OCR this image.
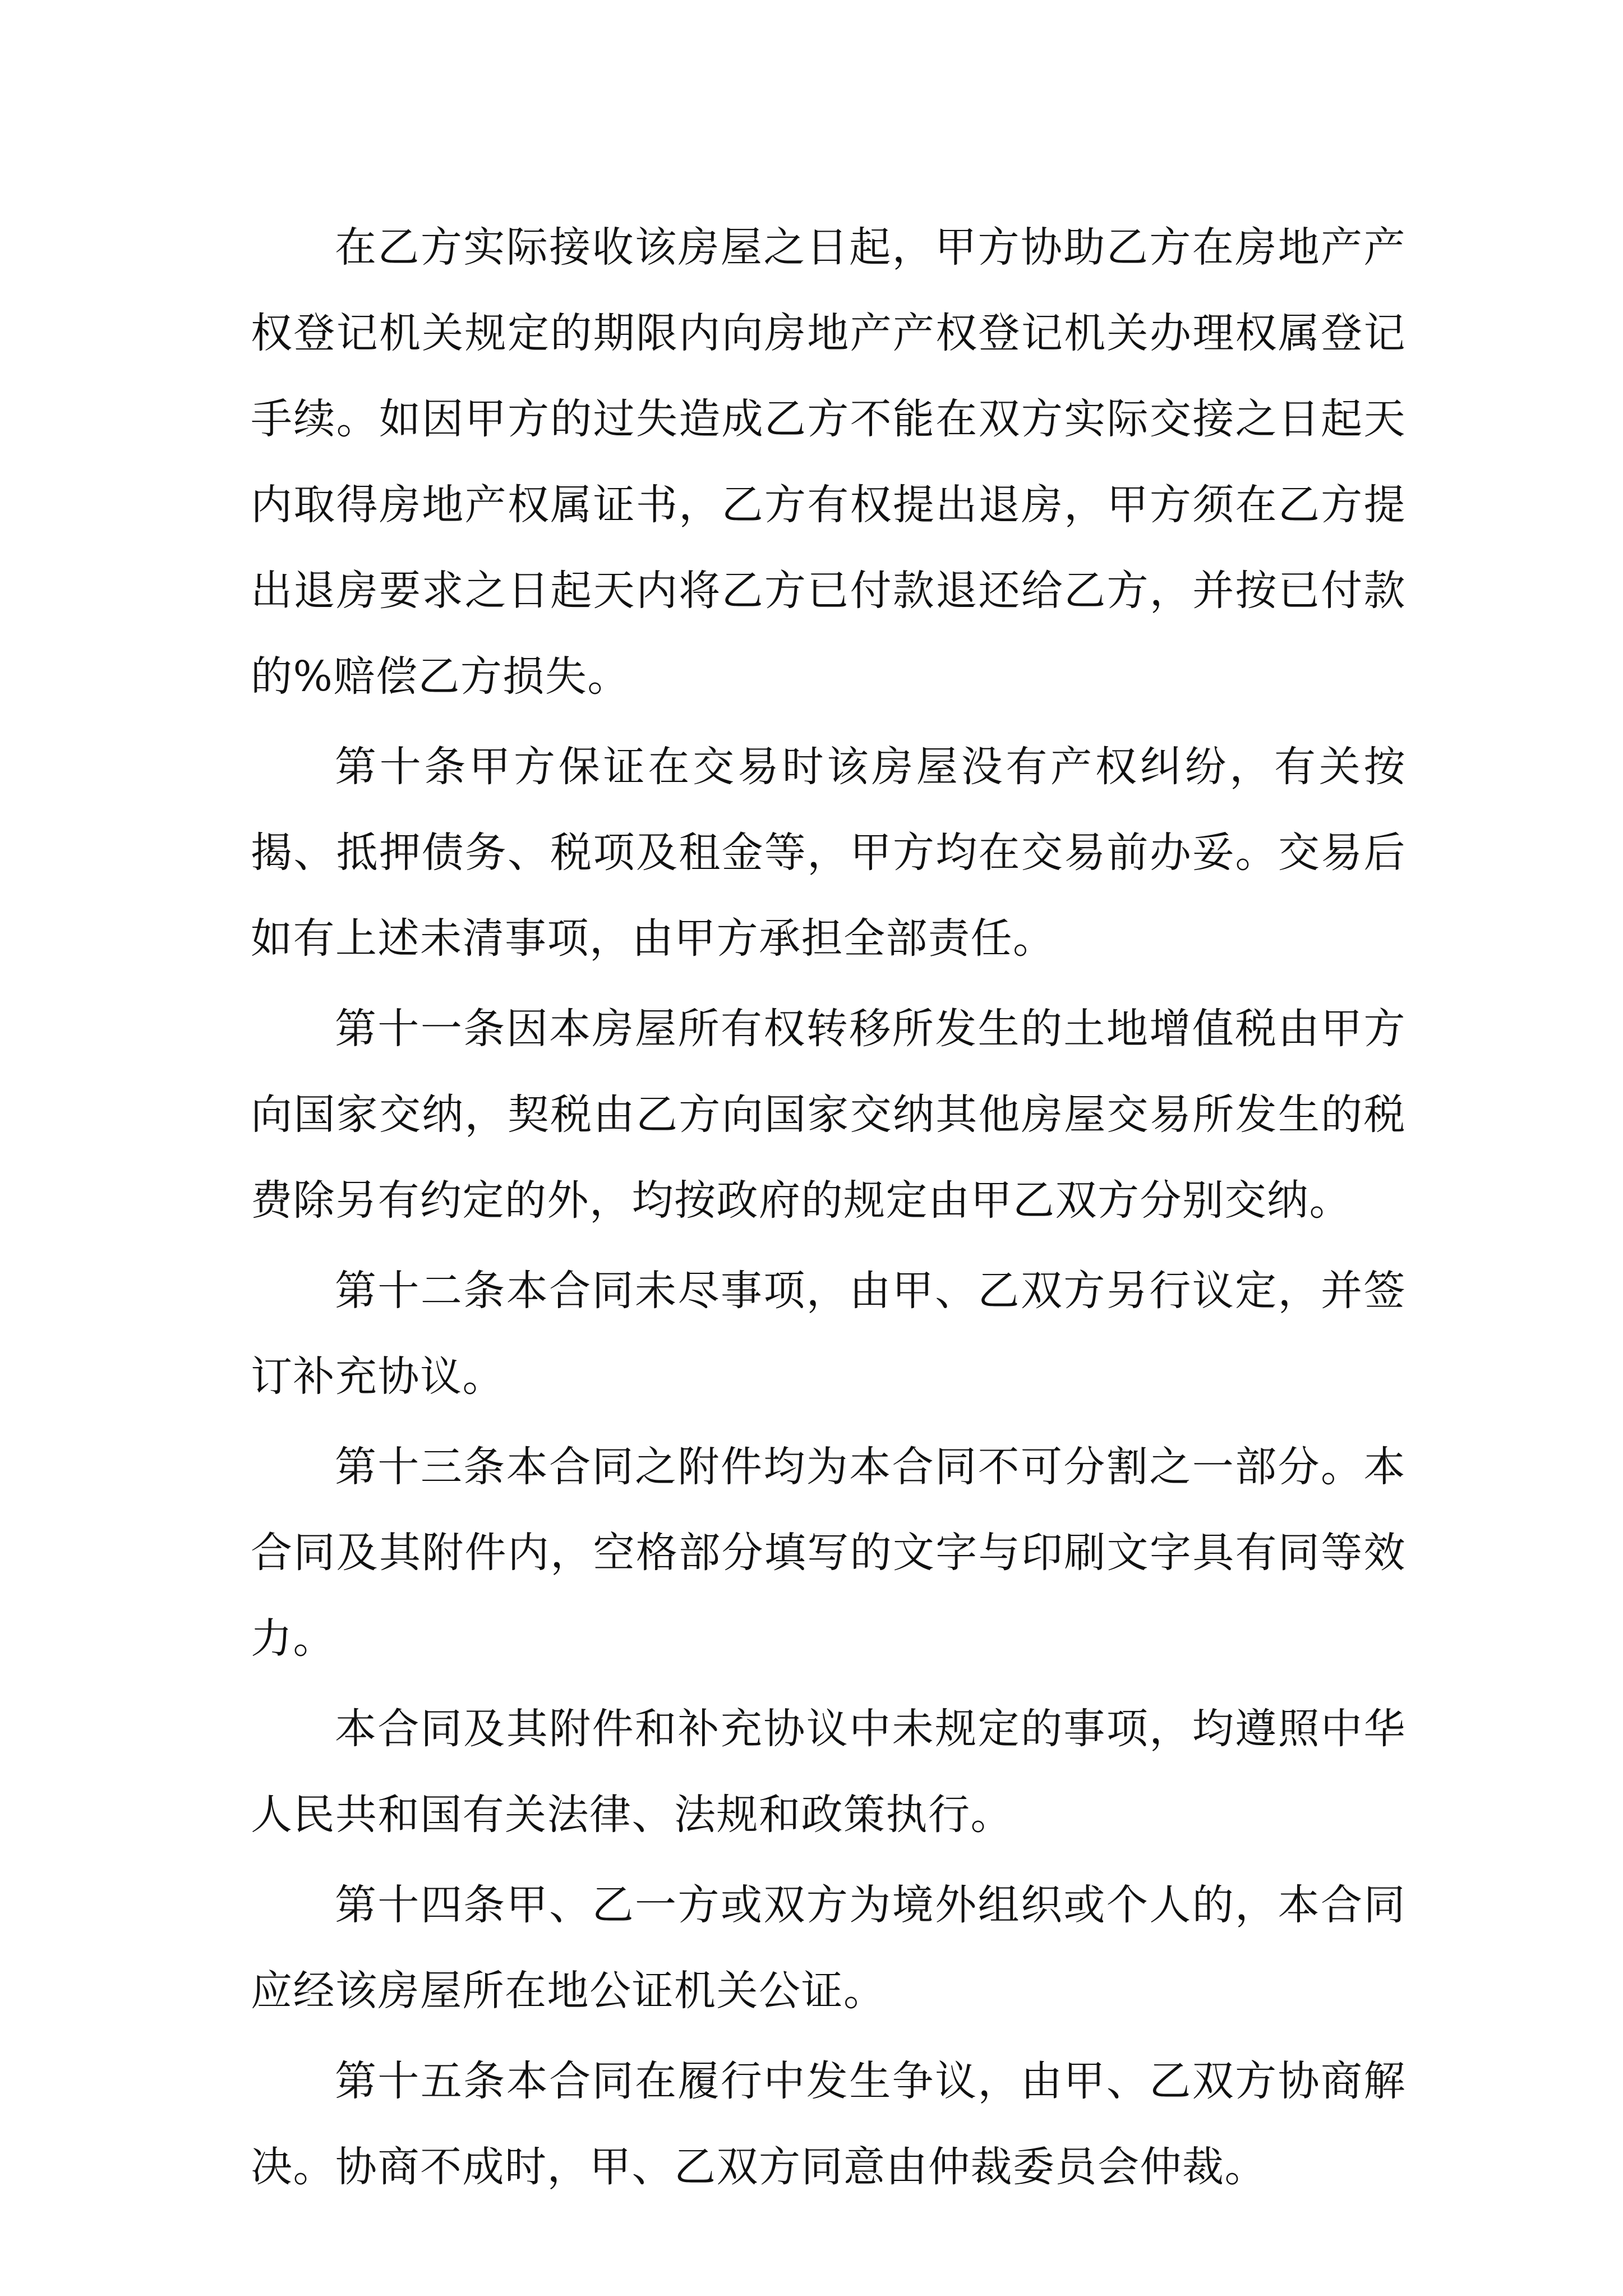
在乙方实际接收该房屋之日起，甲方协助乙方在房地产产权登记机关规定的期限内向房地产产权登记机关办理权属登记手续。如因甲方的过失造成乙方不能在双方实际交接之日起天内取得房地产权属证书，乙方有权提出退房，甲方须在乙方提出退房要求之日起天内将乙方已付款退还给乙方，并按已付款的%赔偿乙方损失。

第十条甲方保证在交易时该房屋没有产权纠纷，有关按揭、抵押债务、税项及租金等，甲方均在交易前办妥。交易后如有上述未清事项，由甲方承担全部责任。

第十一条因本房屋所有权转移所发生的土地增值税由甲方向国家交纳，契税由乙方向国家交纳其他房屋交易所发生的税费除另有约定的外，均按政府的规定由甲乙双方分别交纳。

第十二条本合同未尽事项，由甲、乙双方另行议定，并签订补充协议。

第十三条本合同之附件均为本合同不可分割之一部分。本合同及其附件内，空格部分填写的文字与印刷文字具有同等效力。

本合同及其附件和补充协议中未规定的事项，均遵照中华人民共和国有关法律、法规和政策执行。

第十四条甲、乙一方或双方为境外组织或个人的，本合同应经该房屋所在地公证机关公证。

第十五条本合同在履行中发生争议，由甲、乙双方协商解决。协商不成时，甲、乙双方同意由仲裁委员会仲裁。
